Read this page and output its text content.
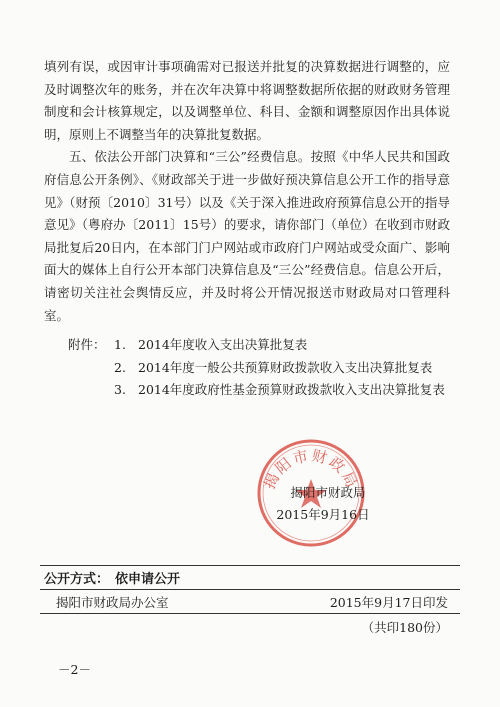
填列有误，或因审计事项确需对已报送并批复的决算数据进行调整的，应及时调整次年的账务，并在次年决算中将调整数据所依据的财政财务管理制度和会计核算规定，以及调整单位、科目、金额和调整原因作出具体说明，原则上不调整当年的决算批复数据。

五、依法公开部门决算和“三公”经费信息。按照《中华人民共和国政府信息公开条例》、《财政部关于进一步做好预决算信息公开工作的指导意见》（财预〔2010〕31号）以及《关于深入推进政府预算信息公开的指导意见》（粤府办〔2011〕15号）的要求，请你部门（单位）在收到市财政局批复后20日内，在本部门门户网站或市政府门户网站或受众面广、影响面大的媒体上自行公开本部门决算信息及“三公”经费信息。信息公开后，请密切关注社会舆情反应，并及时将公开情况报送市财政局对口管理科室。

附件： 1. 2014年度收入支出决算批复表
2. 2014年度一般公共预算财政拨款收入支出决算批复表
3. 2014年度政府性基金预算财政拨款收入支出决算批复表
揭阳市财政局
揭阳市财政局
2015年9月16日
公开方式： 依申请公开
揭阳市财政局办公室	2015年9月17日印发
（共印180份）
－2－
